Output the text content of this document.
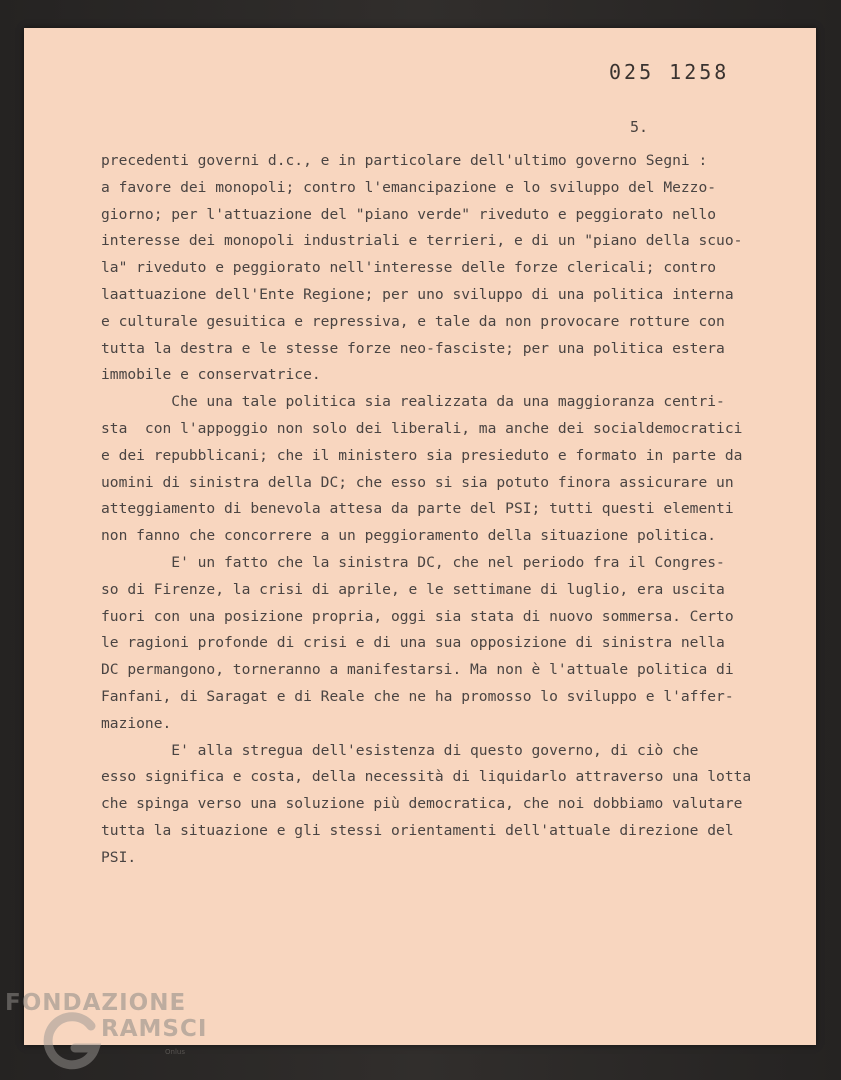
025 1258
5.
precedenti governi d.c., e in particolare dell'ultimo governo Segni :
a favore dei monopoli; contro l'emancipazione e lo sviluppo del Mezzo-
giorno; per l'attuazione del "piano verde" riveduto e peggiorato nello
interesse dei monopoli industriali e terrieri, e di un "piano della scuo-
la" riveduto e peggiorato nell'interesse delle forze clericali; contro
laattuazione dell'Ente Regione; per uno sviluppo di una politica interna
e culturale gesuitica e repressiva, e tale da non provocare rotture con
tutta la destra e le stesse forze neo-fasciste; per una politica estera
immobile e conservatrice.
Che una tale politica sia realizzata da una maggioranza centri-
sta  con l'appoggio non solo dei liberali, ma anche dei socialdemocratici
e dei repubblicani; che il ministero sia presieduto e formato in parte da
uomini di sinistra della DC; che esso si sia potuto finora assicurare un
atteggiamento di benevola attesa da parte del PSI; tutti questi elementi
non fanno che concorrere a un peggioramento della situazione politica.
E' un fatto che la sinistra DC, che nel periodo fra il Congres-
so di Firenze, la crisi di aprile, e le settimane di luglio, era uscita
fuori con una posizione propria, oggi sia stata di nuovo sommersa. Certo
le ragioni profonde di crisi e di una sua opposizione di sinistra nella
DC permangono, torneranno a manifestarsi. Ma non è l'attuale politica di
Fanfani, di Saragat e di Reale che ne ha promosso lo sviluppo e l'affer-
mazione.
E' alla stregua dell'esistenza di questo governo, di ciò che
esso significa e costa, della necessità di liquidarlo attraverso una lotta
che spinga verso una soluzione più democratica, che noi dobbiamo valutare
tutta la situazione e gli stessi orientamenti dell'attuale direzione del
PSI.
FONDAZIONE
RAMSCI
Onlus
